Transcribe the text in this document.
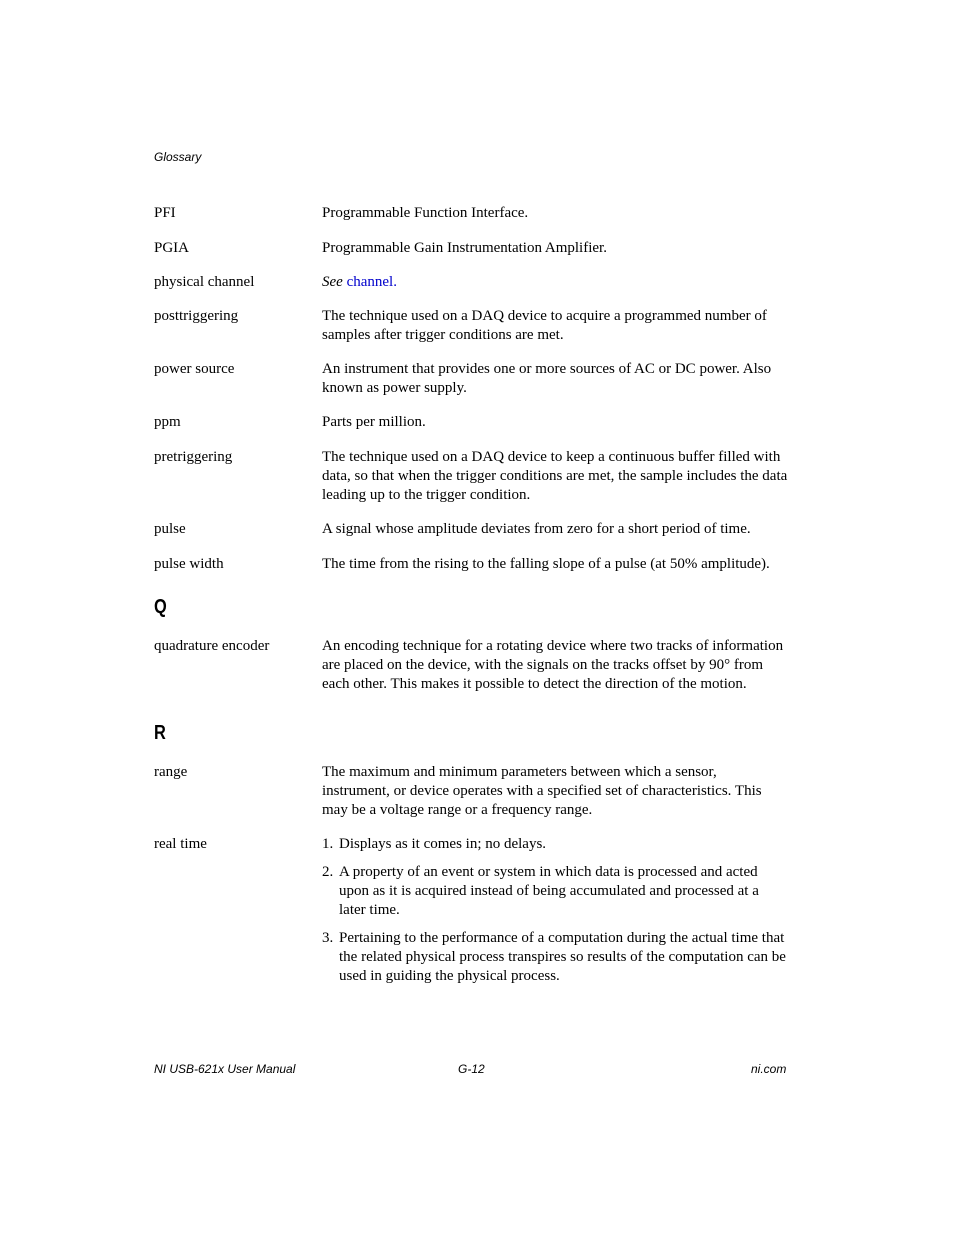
Glossary
PFI	Programmable Function Interface.
PGIA	Programmable Gain Instrumentation Amplifier.
physical channel	See channel.
posttriggering	The technique used on a DAQ device to acquire a programmed number of samples after trigger conditions are met.
power source	An instrument that provides one or more sources of AC or DC power. Also known as power supply.
ppm	Parts per million.
pretriggering	The technique used on a DAQ device to keep a continuous buffer filled with data, so that when the trigger conditions are met, the sample includes the data leading up to the trigger condition.
pulse	A signal whose amplitude deviates from zero for a short period of time.
pulse width	The time from the rising to the falling slope of a pulse (at 50% amplitude).
Q
quadrature encoder	An encoding technique for a rotating device where two tracks of information are placed on the device, with the signals on the tracks offset by 90° from each other. This makes it possible to detect the direction of the motion.
R
range	The maximum and minimum parameters between which a sensor, instrument, or device operates with a specified set of characteristics. This may be a voltage range or a frequency range.
real time	1. Displays as it comes in; no delays.
2. A property of an event or system in which data is processed and acted upon as it is acquired instead of being accumulated and processed at a later time.
3. Pertaining to the performance of a computation during the actual time that the related physical process transpires so results of the computation can be used in guiding the physical process.
NI USB-621x User Manual	G-12	ni.com
